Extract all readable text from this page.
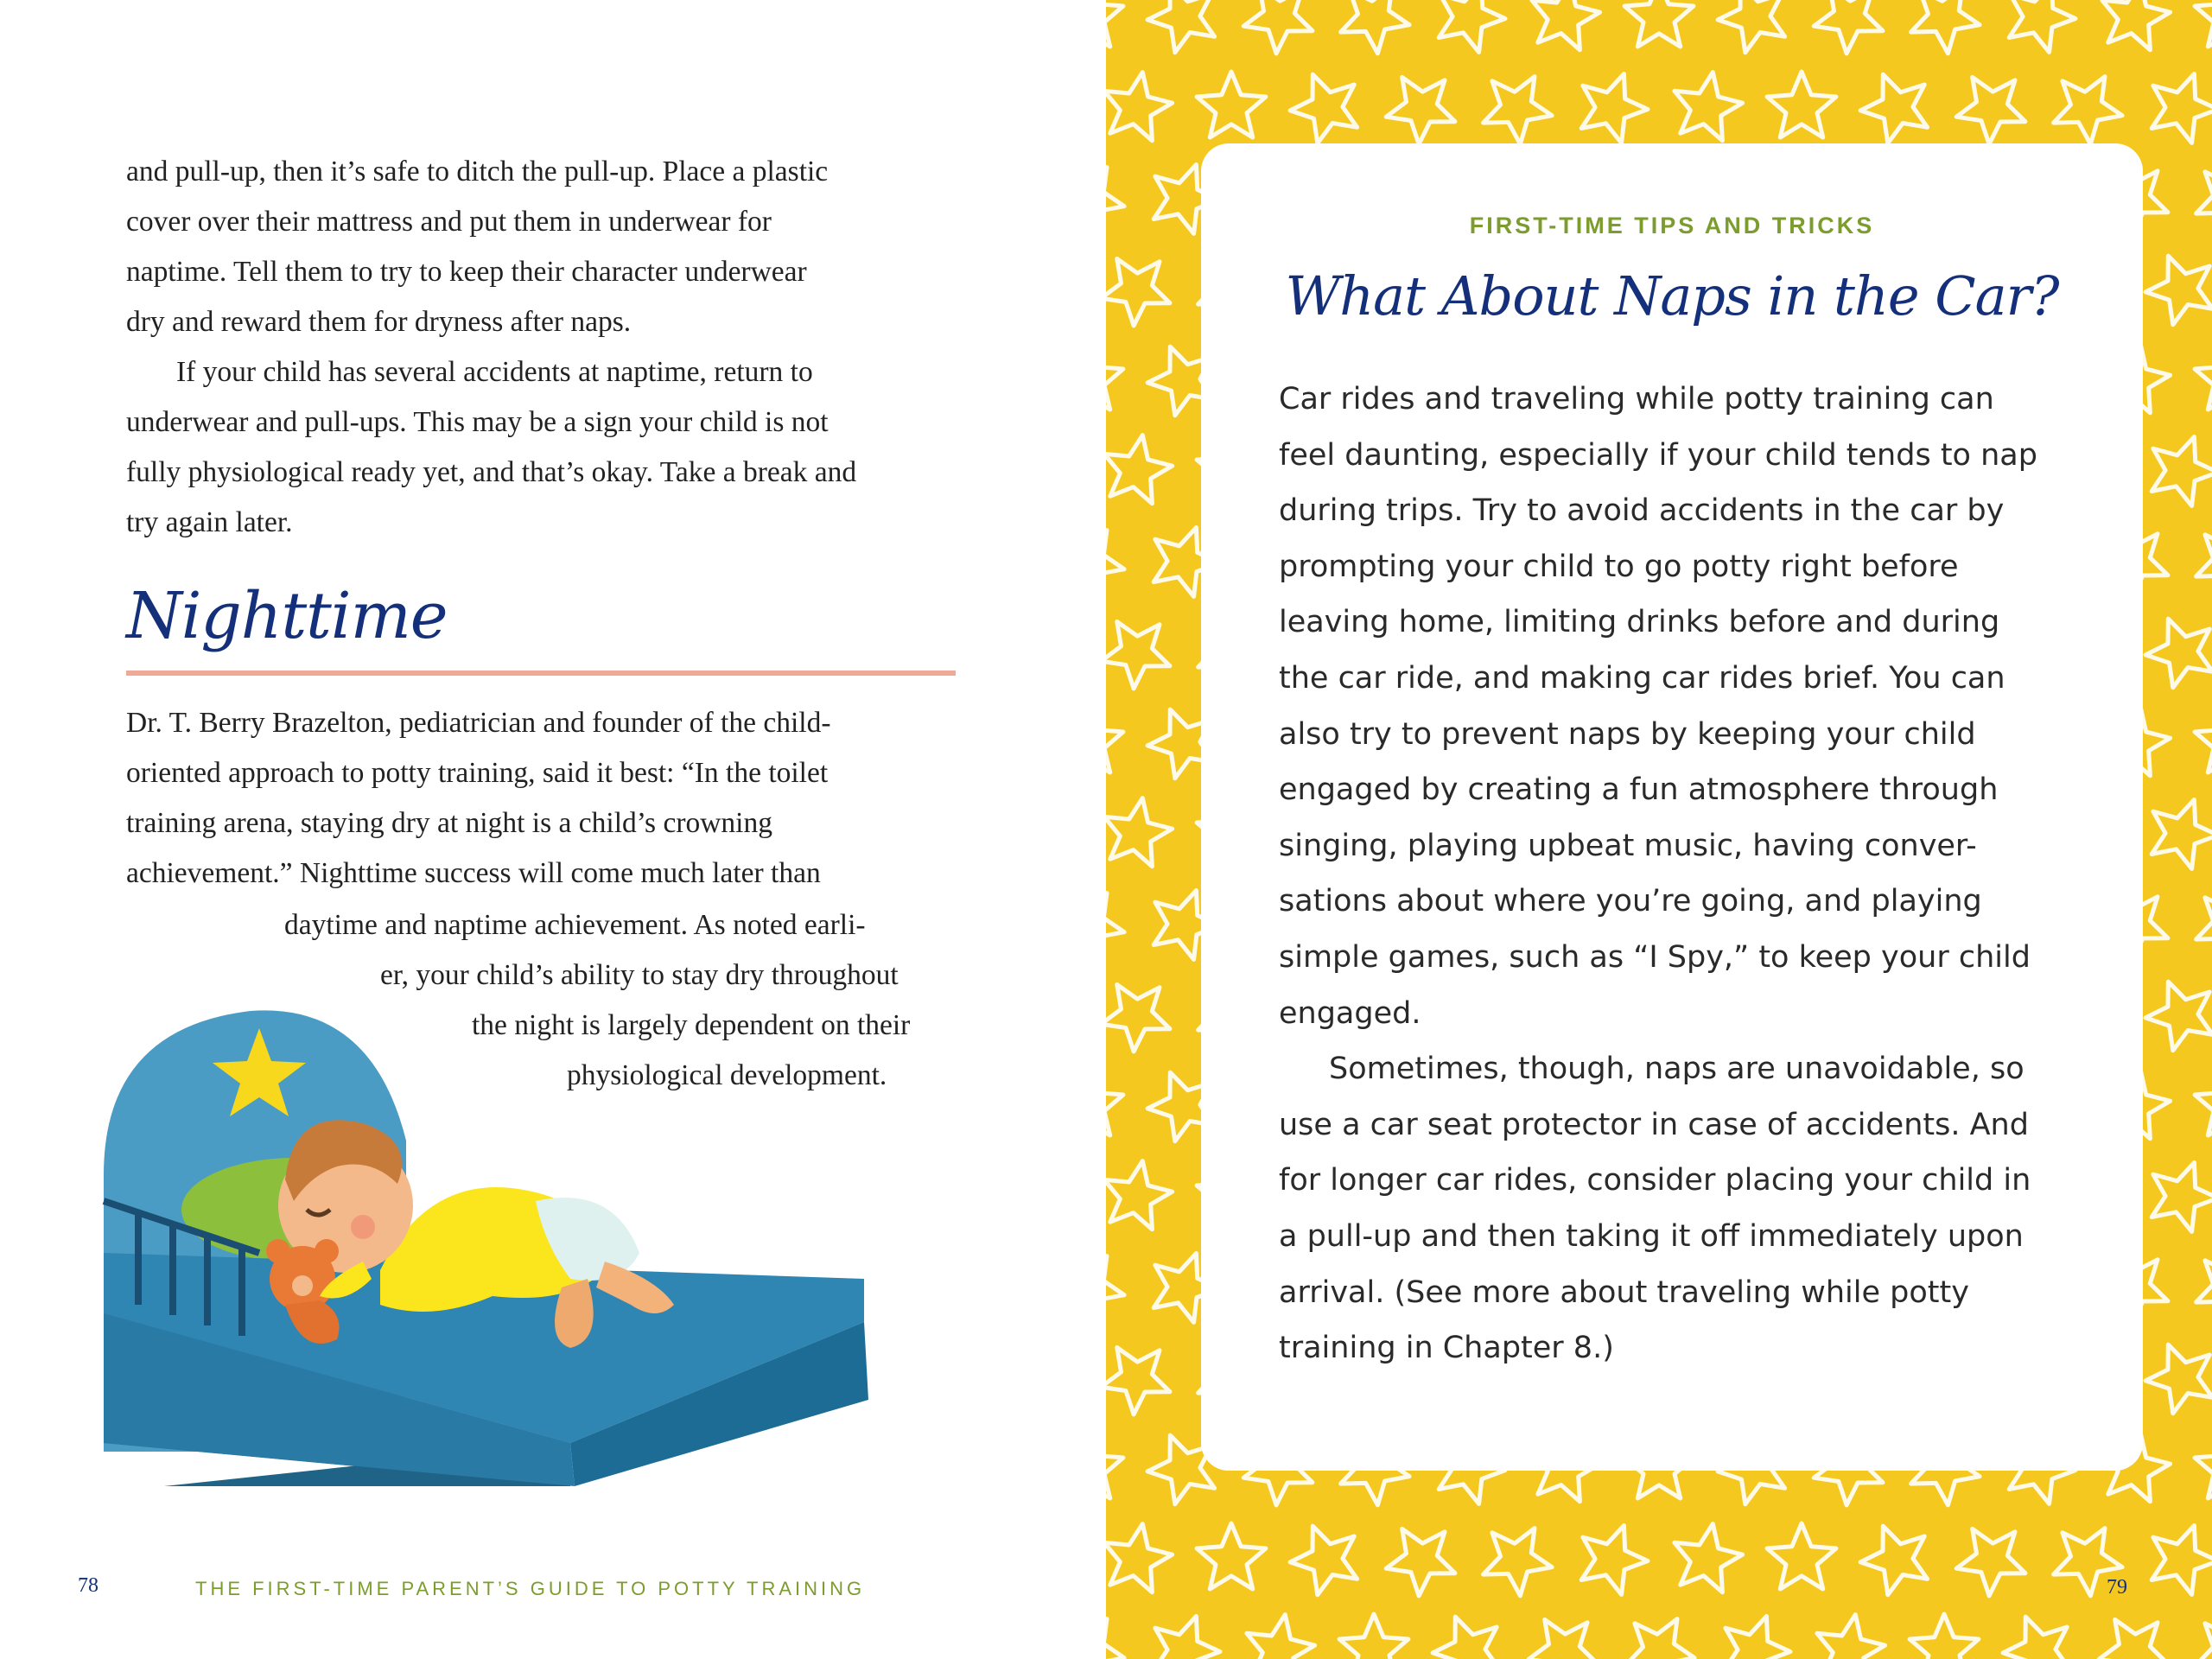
and pull-up, then it’s safe to ditch the pull-up. Place a plastic
cover over their mattress and put them in underwear for
naptime. Tell them to try to keep their character underwear
dry and reward them for dryness after naps.
If your child has several accidents at naptime, return to
underwear and pull-ups. This may be a sign your child is not
fully physiological ready yet, and that’s okay. Take a break and
try again later.
Nighttime
Dr. T. Berry Brazelton, pediatrician and founder of the child-
oriented approach to potty training, said it best: “In the toilet
training arena, staying dry at night is a child’s crowning
achievement.” Nighttime success will come much later than
daytime and naptime achievement. As noted earli-
er, your child’s ability to stay dry throughout
the night is largely dependent on their
physiological development.
78	THE FIRST-TIME PARENT’S GUIDE TO POTTY TRAINING

FIRST-TIME TIPS AND TRICKS

What About Naps in the Car?
Car rides and traveling while potty training can
feel daunting, especially if your child tends to nap
during trips. Try to avoid accidents in the car by
prompting your child to go potty right before
leaving home, limiting drinks before and during
the car ride, and making car rides brief. You can
also try to prevent naps by keeping your child
engaged by creating a fun atmosphere through
singing, playing upbeat music, having conver-
sations about where you’re going, and playing
simple games, such as “I Spy,” to keep your child
engaged.
Sometimes, though, naps are unavoidable, so
use a car seat protector in case of accidents. And
for longer car rides, consider placing your child in
a pull-up and then taking it off immediately upon
arrival. (See more about traveling while potty
training in Chapter 8.)
79
